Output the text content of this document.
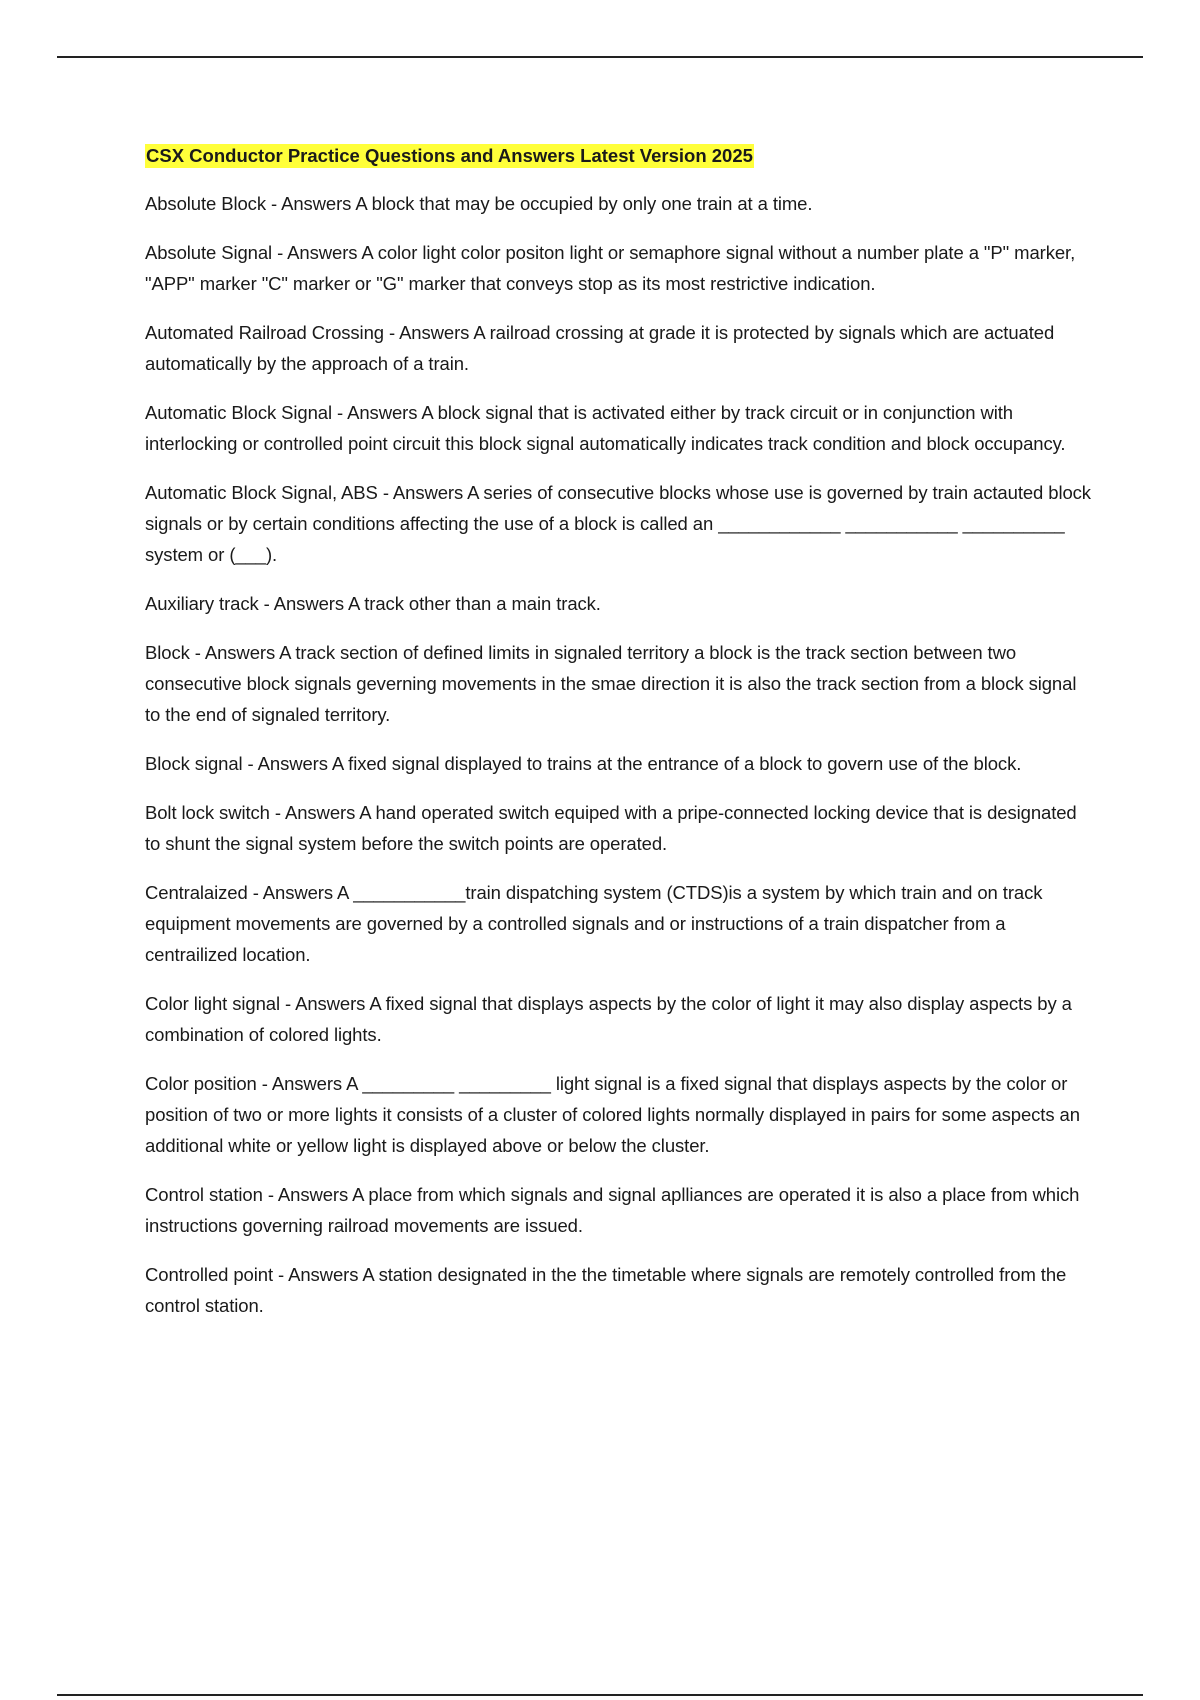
CSX Conductor Practice Questions and Answers Latest Version 2025

Absolute Block - Answers A block that may be occupied by only one train at a time.

Absolute Signal - Answers A color light color positon light or semaphore signal without a number plate a "P" marker, "APP" marker "C" marker or "G" marker that conveys stop as its most restrictive indication.

Automated Railroad Crossing - Answers A railroad crossing at grade it is protected by signals which are actuated automatically by the approach of a train.

Automatic Block Signal - Answers A block signal that is activated either by track circuit or in conjunction with interlocking or controlled point circuit this block signal automatically indicates track condition and block occupancy.

Automatic Block Signal, ABS - Answers A series of consecutive blocks whose use is governed by train actauted block signals or by certain conditions affecting the use of a block is called an ____________ ___________ __________ system or (___).

Auxiliary track - Answers A track other than a main track.

Block - Answers A track section of defined limits in signaled territory a block is the track section between two consecutive block signals geverning movements in the smae direction it is also the track section from a block signal to the end of signaled territory.

Block signal - Answers A fixed signal displayed to trains at the entrance of a block to govern use of the block.

Bolt lock switch - Answers A hand operated switch equiped with a pripe-connected locking device that is designated to shunt the signal system before the switch points are operated.

Centralaized - Answers A ___________train dispatching system (CTDS)is a system by which train and on track equipment movements are governed by a controlled signals and or instructions of a train dispatcher from a centrailized location.

Color light signal - Answers A fixed signal that displays aspects by the color of light it may also display aspects by a combination of colored lights.

Color position - Answers A _________ _________ light signal is a fixed signal that displays aspects by the color or position of two or more lights it consists of a cluster of colored lights normally displayed in pairs for some aspects an additional white or yellow light is displayed above or below the cluster.

Control station - Answers A place from which signals and signal aplliances are operated it is also a place from which instructions governing railroad movements are issued.

Controlled point - Answers A station designated in the the timetable where signals are remotely controlled from the control station.
